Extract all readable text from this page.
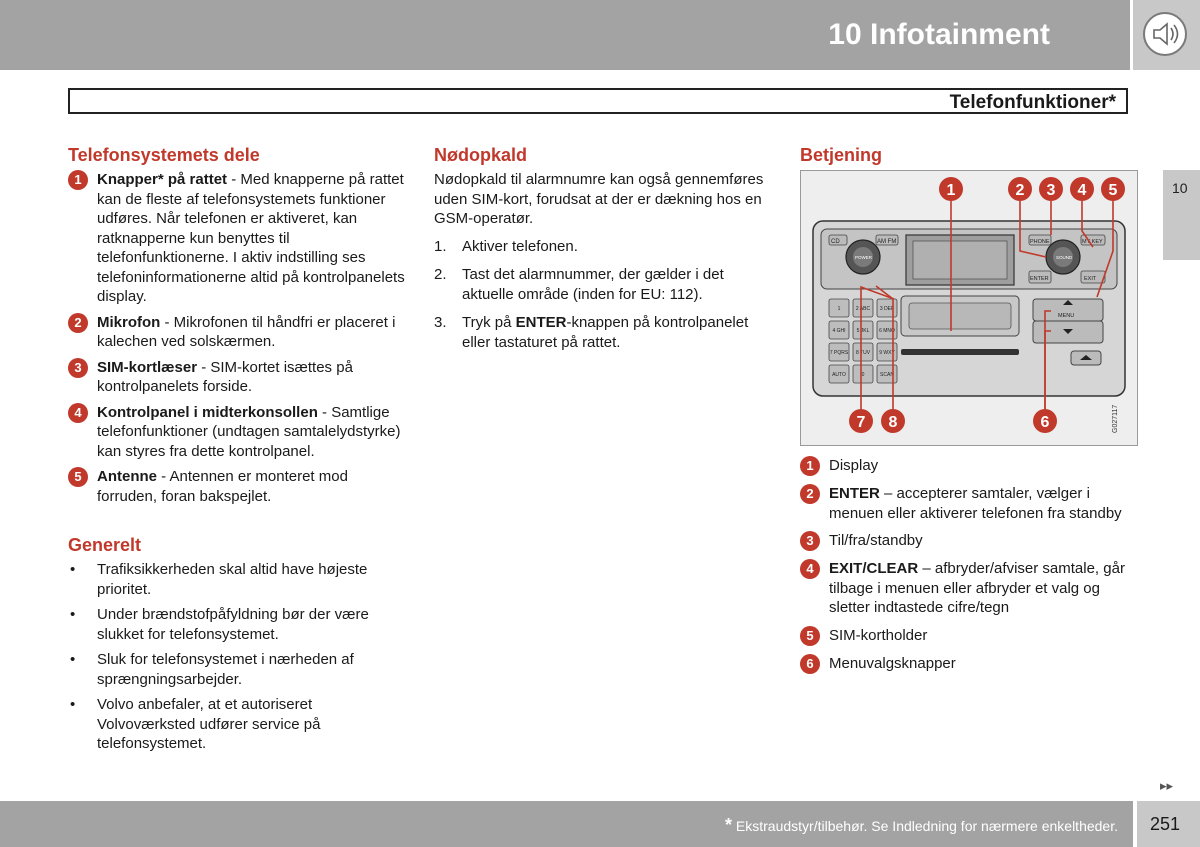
10 Infotainment
Telefonfunktioner*
10
Telefonsystemets dele
1	Knapper* på rattet - Med knapperne på rattet kan de fleste af telefonsystemets funktioner udføres. Når telefonen er aktiveret, kan ratknapperne kun benyttes til telefonfunktionerne. I aktiv indstilling ses telefoninformationerne altid på kontrolpanelets display.
2	Mikrofon - Mikrofonen til håndfri er placeret i kalechen ved solskærmen.
3	SIM-kortlæser - SIM-kortet isættes på kontrolpanelets forside.
4	Kontrolpanel i midterkonsollen - Samtlige telefonfunktioner (undtagen samtalelydstyrke) kan styres fra dette kontrolpanel.
5	Antenne - Antennen er monteret mod forruden, foran bakspejlet.
Generelt
•
Trafiksikkerheden skal altid have højeste prioritet.
•
Under brændstofpåfyldning bør der være slukket for telefonsystemet.
•
Sluk for telefonsystemet i nærheden af sprængningsarbejder.
•
Volvo anbefaler, at et autoriseret Volvoværksted udfører service på telefonsystemet.
Nødopkald
Nødopkald til alarmnumre kan også gennemføres uden SIM-kort, forudsat at der er dækning hos en GSM-operatør.
1.	Aktiver telefonen.
2.	Tast det alarmnummer, der gælder i det aktuelle område (inden for EU: 112).
3.	Tryk på ENTER-knappen på kontrolpanelet eller tastaturet på rattet.
Betjening
CD	AM FM
POWER
PHONE
SOUND
MY KEY
ENTER	EXIT
1	2 ABC 3 DEF
4 GHI 5 JKL 6 MNO
7 PQRS 8 TUV 9 WXY
AUTO	0	SCAN
MENU
1	2 3 4 5
7 8	6	G027117
1	Display
2	ENTER – accepterer samtaler, vælger i menuen eller aktiverer telefonen fra standby
3	Til/fra/standby
4	EXIT/CLEAR – afbryder/afviser samtale, går tilbage i menuen eller afbryder et valg og sletter indtastede cifre/tegn
5	SIM-kortholder
6	Menuvalgsknapper
▸▸
* Ekstraudstyr/tilbehør. Se Indledning for nærmere enkeltheder. 251
